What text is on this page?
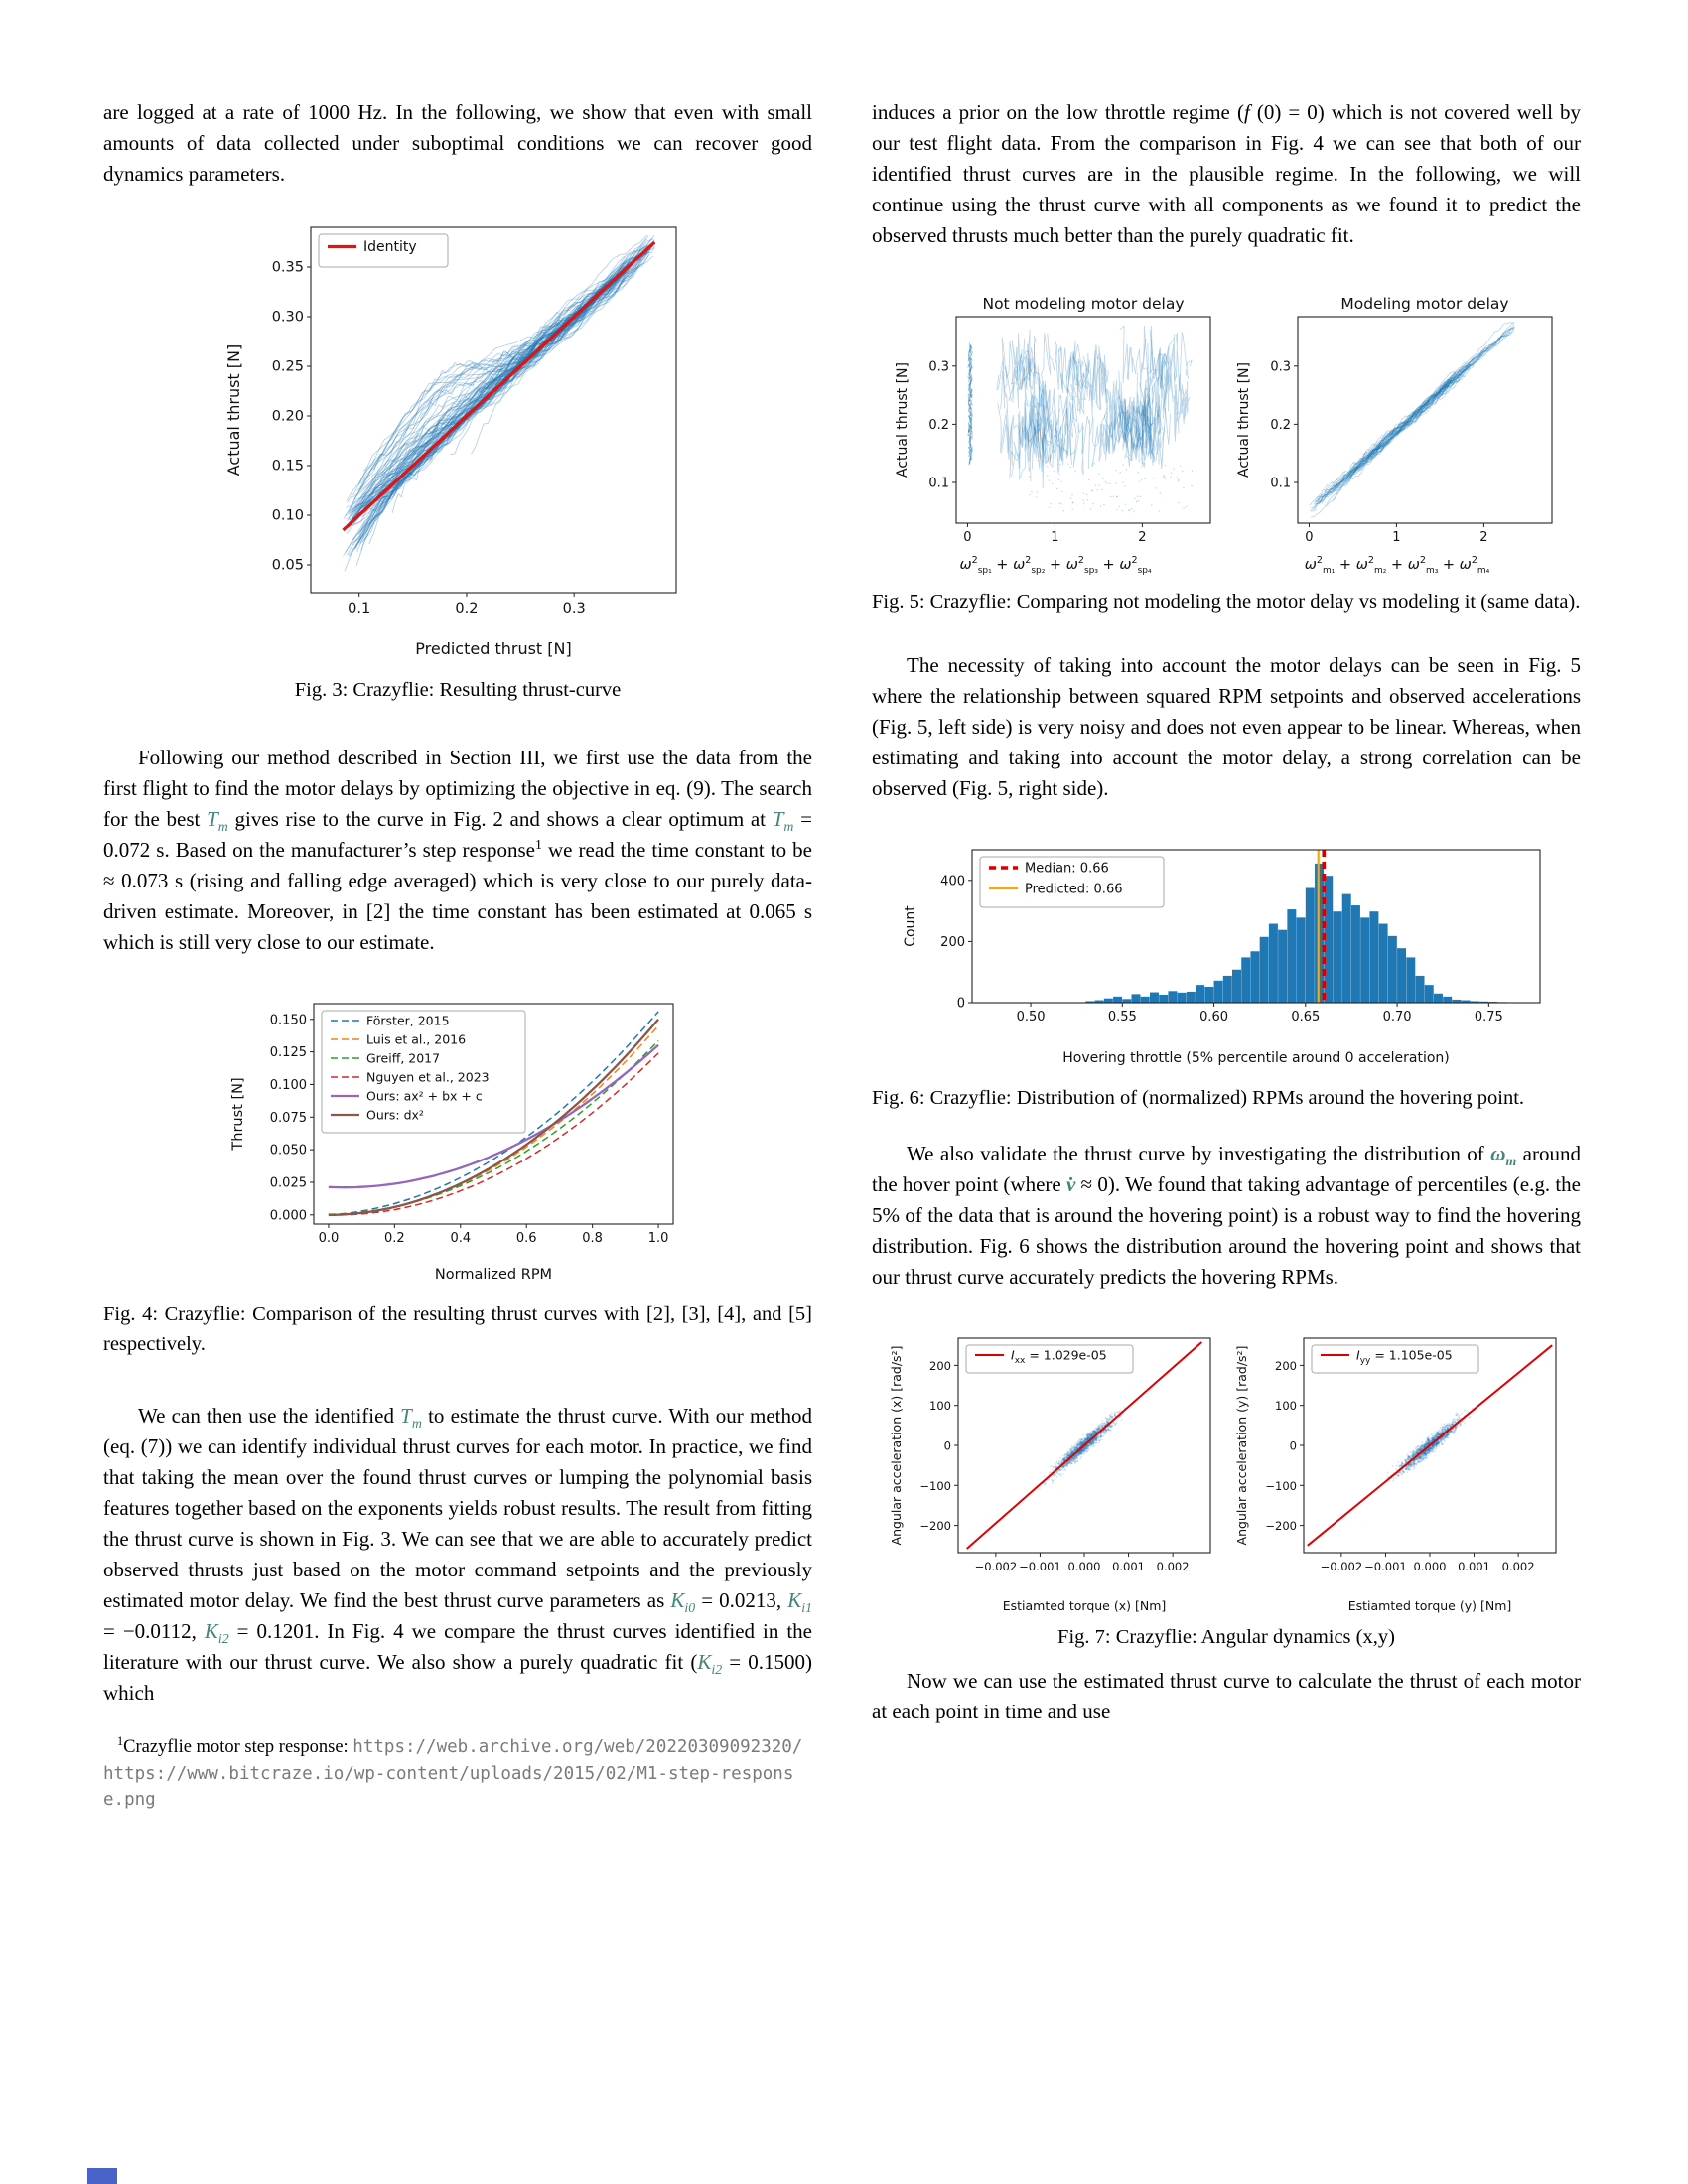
are logged at a rate of 1000 Hz. In the following, we show that even with small amounts of data collected under suboptimal conditions we can recover good dynamics parameters.

0.1	0.2	0.3
0.05
0.10
0.15
0.20
0.25
0.30
0.35
Predicted thrust [N]
Actual thrust [N]
Identity
Fig. 3: Crazyflie: Resulting thrust-curve

Following our method described in Section III, we first use the data from the first flight to find the motor delays by optimizing the objective in eq. (9). The search for the best $T_m$ gives rise to the curve in Fig. 2 and shows a clear optimum at $T_m = 0.072$ s. Based on the manufacturer’s step response$^1$ we read the time constant to be ≈ 0.073 s (rising and falling edge averaged) which is very close to our purely data-driven estimate. Moreover, in [2] the time constant has been estimated at 0.065 s which is still very close to our estimate.

0.0	0.2	0.4	0.6	0.8	1.0
0.000
0.025
0.050
0.075
0.100
0.125
0.150
Normalized RPM
Thrust [N]
Förster, 2015
Luis et al., 2016
Greiff, 2017
Nguyen et al., 2023
Ours: ax² + bx + c
Ours: dx²
Fig. 4: Crazyflie: Comparison of the resulting thrust curves with [2], [3], [4], and [5] respectively.

We can then use the identified $T_m$ to estimate the thrust curve. With our method (eq. (7)) we can identify individual thrust curves for each motor. In practice, we find that taking the mean over the found thrust curves or lumping the polynomial basis features together based on the exponents yields robust results. The result from fitting the thrust curve is shown in Fig. 3. We can see that we are able to accurately predict observed thrusts just based on the motor command setpoints and the previously estimated motor delay. We find the best thrust curve parameters as $K_{i0} = 0.0213$, $K_{i1} = -0.0112$, $K_{i2} = 0.1201$. In Fig. 4 we compare the thrust curves identified in the literature with our thrust curve. We also show a purely quadratic fit $(K_{i2} = 0.1500)$ which

$^1$Crazyflie motor step response: https://web.archive.org/web/20220309092320/https://www.bitcraze.io/wp-content/uploads/2015/02/M1-step-response.png

induces a prior on the low throttle regime (f (0) = 0) which is not covered well by our test flight data. From the comparison in Fig. 4 we can see that both of our identified thrust curves are in the plausible regime. In the following, we will continue using the thrust curve with all components as we found it to predict the observed thrusts much better than the purely quadratic fit.

0	1	2
0.1
0.2
0.3
Actual thrust [N]
Not modeling motor delay
$\omega^2_{sp_1} + \omega^2_{sp_2} + \omega^2_{sp_3} + \omega^2_{sp_4}$
0	1	2
0.1
0.2
0.3
Actual thrust [N]
Modeling motor delay
$\omega^2_{m_1} + \omega^2_{m_2} + \omega^2_{m_3} + \omega^2_{m_4}$
Fig. 5: Crazyflie: Comparing not modeling the motor delay vs modeling it (same data).

The necessity of taking into account the motor delays can be seen in Fig. 5 where the relationship between squared RPM setpoints and observed accelerations (Fig. 5, left side) is very noisy and does not even appear to be linear. Whereas, when estimating and taking into account the motor delay, a strong correlation can be observed (Fig. 5, right side).

0.50	0.55	0.60	0.65	0.70	0.75
0
200
400
Hovering throttle (5% percentile around 0 acceleration)
Count
Median: 0.66
Predicted: 0.66
Fig. 6: Crazyflie: Distribution of (normalized) RPMs around the hovering point.

We also validate the thrust curve by investigating the distribution of $\omega_m$ around the hover point (where v̇ ≈ 0). We found that taking advantage of percentiles (e.g. the 5% of the data that is around the hovering point) is a robust way to find the hovering distribution. Fig. 6 shows the distribution around the hovering point and shows that our thrust curve accurately predicts the hovering RPMs.

−0.002 −0.001 0.000 0.001 0.002
−200
−100
0
100
200
Estiamted torque (x) [Nm]
Angular acceleration (x) [rad/s²]	$I_{xx} = 1.029e-05$
−0.002 −0.001 0.000 0.001 0.002
−200
−100
0
100
200
Estiamted torque (y) [Nm]
Angular acceleration (y) [rad/s²]	$I_{yy} = 1.105e-05$
Fig. 7: Crazyflie: Angular dynamics (x,y)

Now we can use the estimated thrust curve to calculate the thrust of each motor at each point in time and use
